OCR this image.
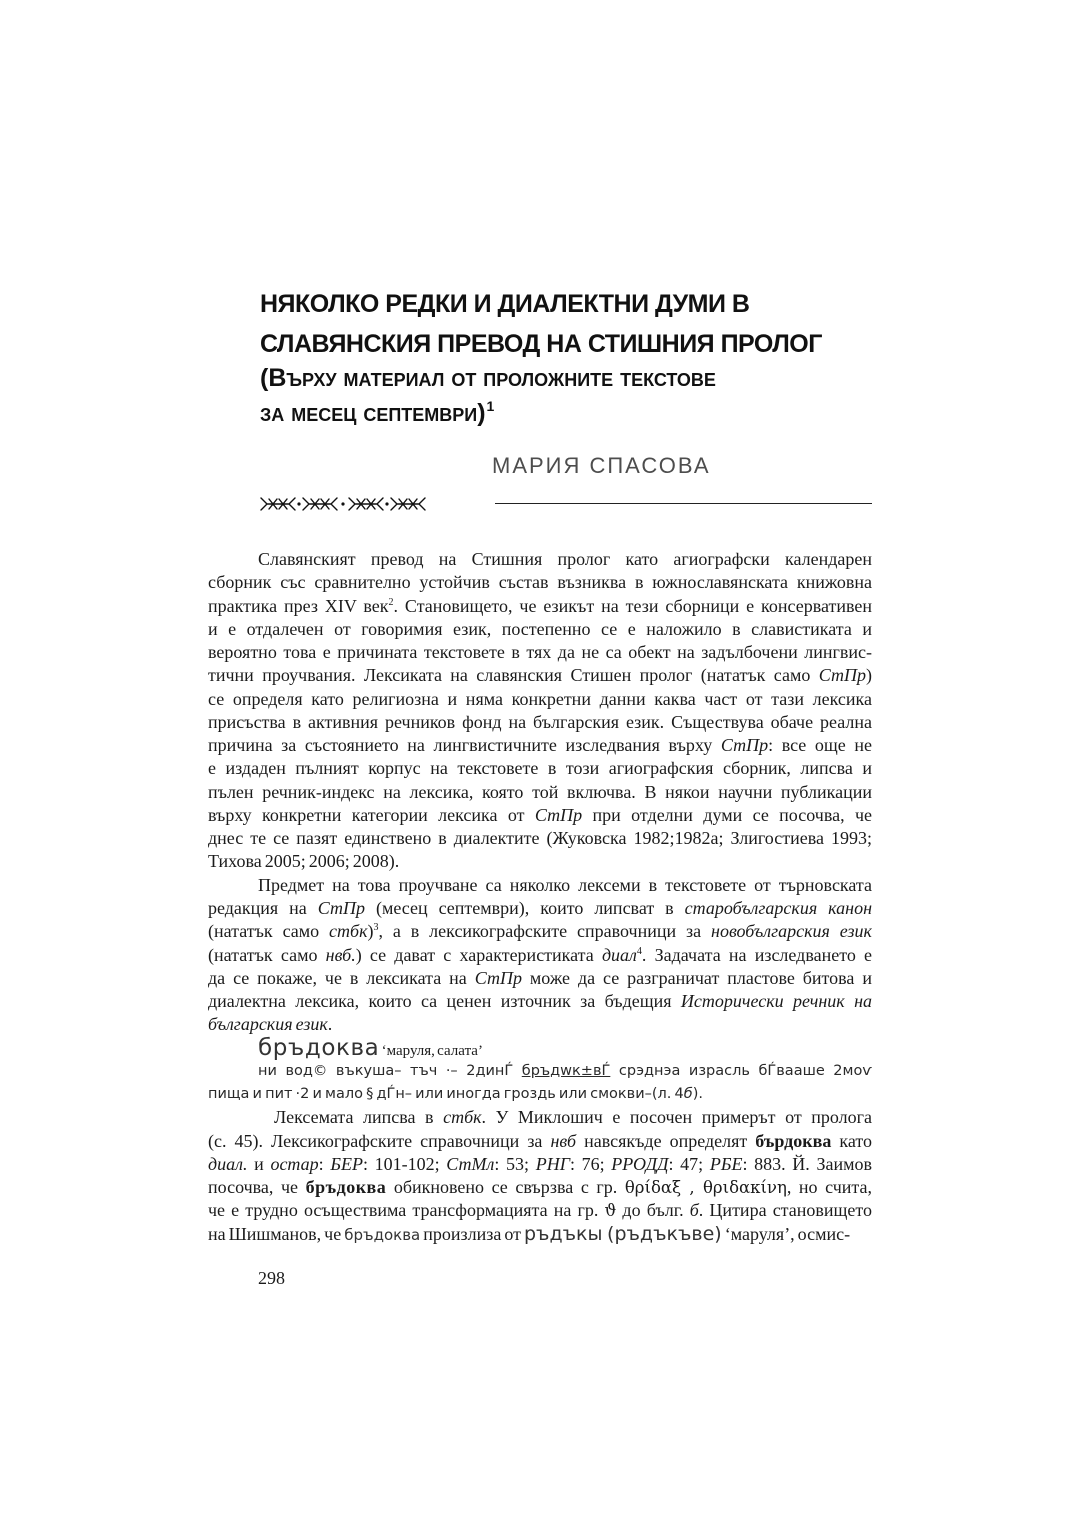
НЯКОЛКО РЕДКИ И ДИАЛЕКТНИ ДУМИ В
СЛАВЯНСКИЯ ПРЕВОД НА СТИШНИЯ ПРОЛОГ
(Върху материал от проложните текстове
за месец септември)$^1$
МАРИЯ СПАСОВА
Славянският превод на Стишния пролог като агиографски календарен
сборник със сравнително устойчив състав възниква в южнославянската книжовна
практика през XIV век$^2$. Становището, че езикът на тези сборници е консервативен
и е отдалечен от говоримия език, постепенно се е наложило в славистиката и
вероятно това е причината текстовете в тях да не са обект на задълбочени лингвис-
тични проучвания. Лексиката на славянския Стишен пролог (нататък само СтПр)
се определя като религиозна и няма конкретни данни каква част от тази лексика
присъства в активния речников фонд на българския език. Съществува обаче реална
причина за състоянието на лингвистичните изследвания върху СтПр: все още не
е издаден пълният корпус на текстовете в този агиографския сборник, липсва и
пълен речник-индекс на лексика, която той включва. В някои научни публикации
върху конкретни категории лексика от СтПр при отделни думи се посочва, че
днес те се пазят единствено в диалектите (Жуковска 1982;1982а; Злигостиева 1993;
Тихова 2005; 2006; 2008).
Предмет на това проучване са няколко лексеми в текстовете от търновската
редакция на СтПр (месец септември), които липсват в старобългарския канон
(нататък само стбк)$^3$, а в лексикографските справочници за новобългарския език
(нататък само нвб.) се дават с характеристиката диал$^4$. Задачата на изследването е
да се покаже, че в лексиката на СтПр може да се разграничат пластове битова и
диалектна лексика, които са ценен източник за бъдещия Исторически речник на
българския език.
бръдоква ‘маруля, салата’
ни вод© въкуша– тъч ·– 2динЃ бръдwк±вЃ срэднэа израсль бЃвааше 2моѵ
пища и пит ·2 и мало § дЃн– или иногда гроздь или смокви–(л. 4б).
Лексемата липсва в стбк. У Миклошич е посочен примерът от пролога
(с. 45). Лексикографските справочници за нвб навсякъде определят бърдоква като
диал. и остар: БЕР: 101-102; СтМл: 53; РНГ: 76; РРОДД: 47; РБЕ: 883. Й. Заимов
посочва, че бръдоква обикновено се свързва с гр. θρίδαξ , θριδακίνη, но счита,
че е трудно осъществима трансформацията на гр. ϑ до бълг. б. Цитира становището
на Шишманов, че бръдоква произлиза от ръдъкы (ръдъкъве) ‘маруля’, осмис-
298
